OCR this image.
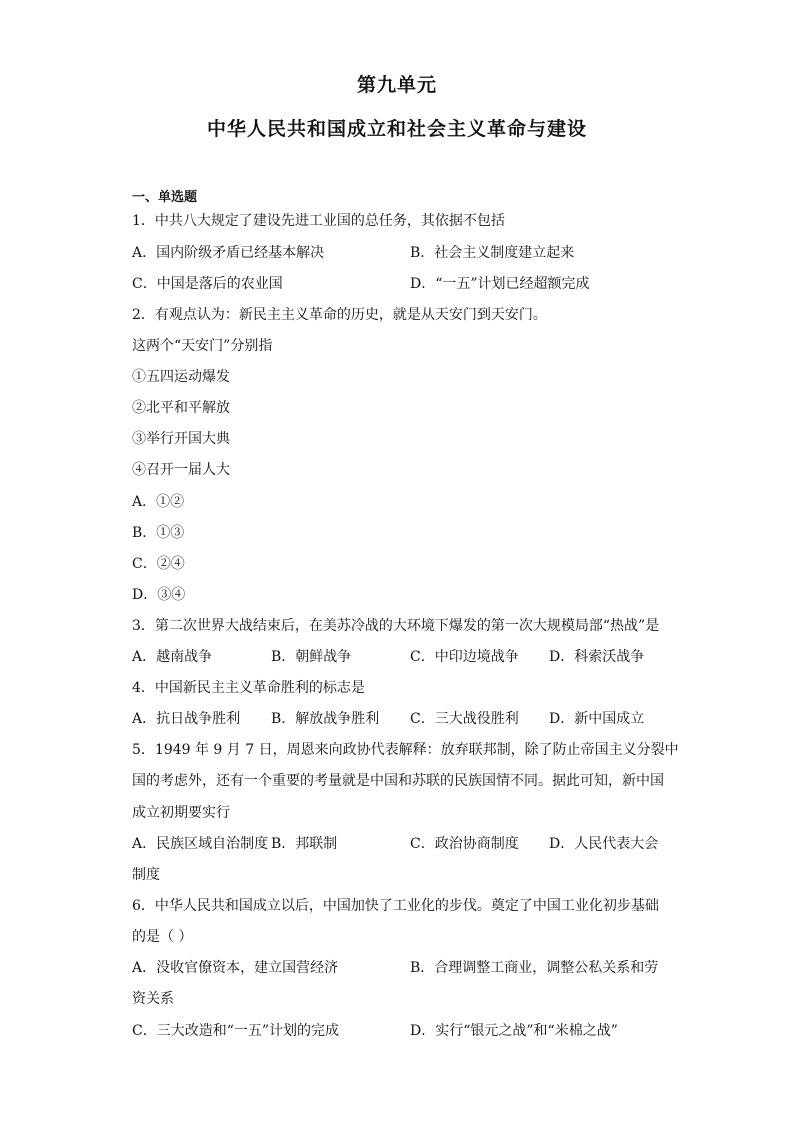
第九单元
中华人民共和国成立和社会主义革命与建设
一、单选题
1．中共八大规定了建设先进工业国的总任务，其依据不包括
A．国内阶级矛盾已经基本解决	B．社会主义制度建立起来
C．中国是落后的农业国	D．“一五”计划已经超额完成
2．有观点认为：新民主主义革命的历史，就是从天安门到天安门。
这两个“天安门”分别指
①五四运动爆发
②北平和平解放
③举行开国大典
④召开一届人大
A．①②
B．①③
C．②④
D．③④
3．第二次世界大战结束后，在美苏冷战的大环境下爆发的第一次大规模局部“热战”是
A．越南战争	B．朝鲜战争	C．中印边境战争 D．科索沃战争
4．中国新民主主义革命胜利的标志是
A．抗日战争胜利 B．解放战争胜利 C．三大战役胜利 D．新中国成立
5．1949 年 9 月 7 日，周恩来向政协代表解释：放弃联邦制，除了防止帝国主义分裂中
国的考虑外，还有一个重要的考量就是中国和苏联的民族国情不同。据此可知，新中国
成立初期要实行
A．民族区域自治制度 B．邦联制	C．政治协商制度 D．人民代表大会
制度
6．中华人民共和国成立以后，中国加快了工业化的步伐。奠定了中国工业化初步基础
的是（ ）
A．没收官僚资本，建立国营经济	B．合理调整工商业，调整公私关系和劳
资关系
C．三大改造和“一五”计划的完成	D．实行“银元之战”和“米棉之战”
